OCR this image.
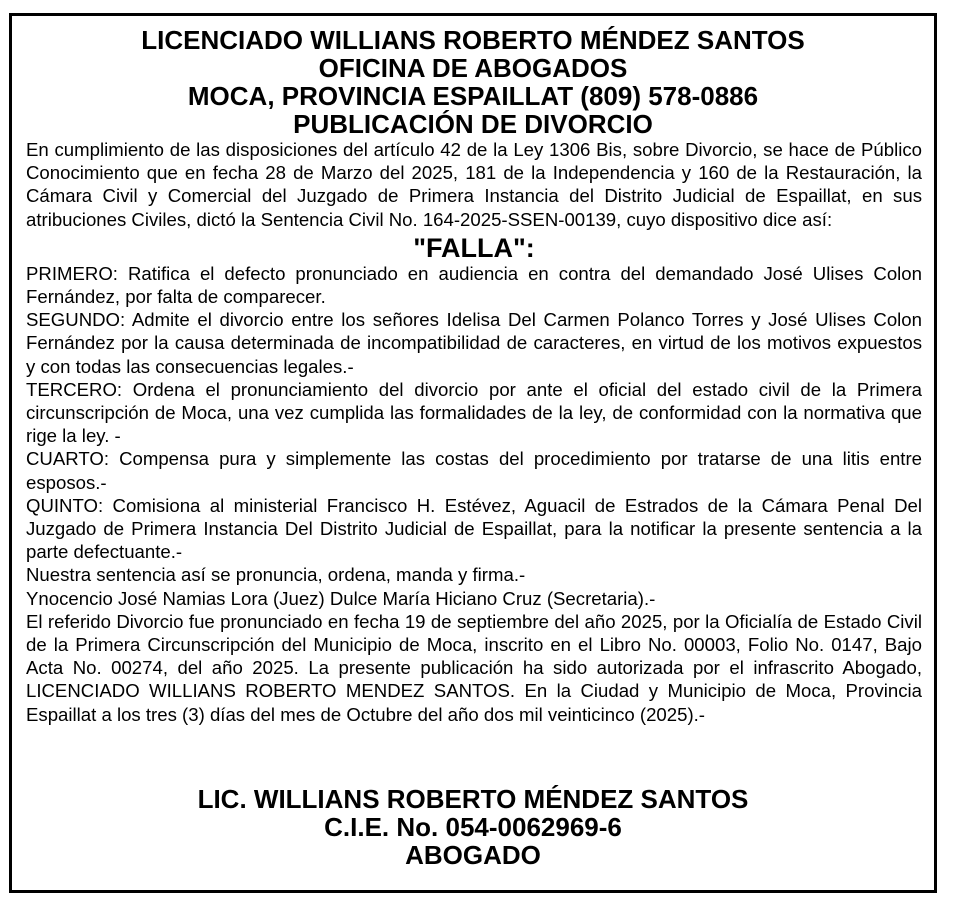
LICENCIADO WILLIANS ROBERTO MÉNDEZ SANTOS
OFICINA DE ABOGADOS
MOCA, PROVINCIA ESPAILLAT (809) 578-0886
PUBLICACIÓN DE DIVORCIO

En cumplimiento de las disposiciones del artículo 42 de la Ley 1306 Bis, sobre Divorcio, se hace de Público Conocimiento que en fecha 28 de Marzo del 2025, 181 de la Independencia y 160 de la Restauración, la Cámara Civil y Comercial del Juzgado de Primera Instancia del Distrito Judicial de Espaillat, en sus atribuciones Civiles, dictó la Sentencia Civil No. 164-2025-SSEN-00139, cuyo dispositivo dice así:

"FALLA":

PRIMERO: Ratifica el defecto pronunciado en audiencia en contra del demandado José Ulises Colon Fernández, por falta de comparecer.

SEGUNDO: Admite el divorcio entre los señores Idelisa Del Carmen Polanco Torres y José Ulises Colon Fernández por la causa determinada de incompatibilidad de caracteres, en virtud de los motivos expuestos y con todas las consecuencias legales.-

TERCERO: Ordena el pronunciamiento del divorcio por ante el oficial del estado civil de la Primera circunscripción de Moca, una vez cumplida las formalidades de la ley, de conformidad con la normativa que rige la ley. -

CUARTO: Compensa pura y simplemente las costas del procedimiento por tratarse de una litis entre esposos.-

QUINTO: Comisiona al ministerial Francisco H. Estévez, Aguacil de Estrados de la Cámara Penal Del Juzgado de Primera Instancia Del Distrito Judicial de Espaillat, para la notificar la presente sentencia a la parte defectuante.-

Nuestra sentencia así se pronuncia, ordena, manda y firma.-

Ynocencio José Namias Lora (Juez) Dulce María Hiciano Cruz (Secretaria).-

El referido Divorcio fue pronunciado en fecha 19 de septiembre del año 2025, por la Oficialía de Estado Civil de la Primera Circunscripción del Municipio de Moca, inscrito en el Libro No. 00003, Folio No. 0147, Bajo Acta No. 00274, del año 2025. La presente publicación ha sido autorizada por el infrascrito Abogado, LICENCIADO WILLIANS ROBERTO MENDEZ SANTOS. En la Ciudad y Municipio de Moca, Provincia Espaillat a los tres (3) días del mes de Octubre del año dos mil veinticinco (2025).-

LIC. WILLIANS ROBERTO MÉNDEZ SANTOS
C.I.E. No. 054-0062969-6
ABOGADO
